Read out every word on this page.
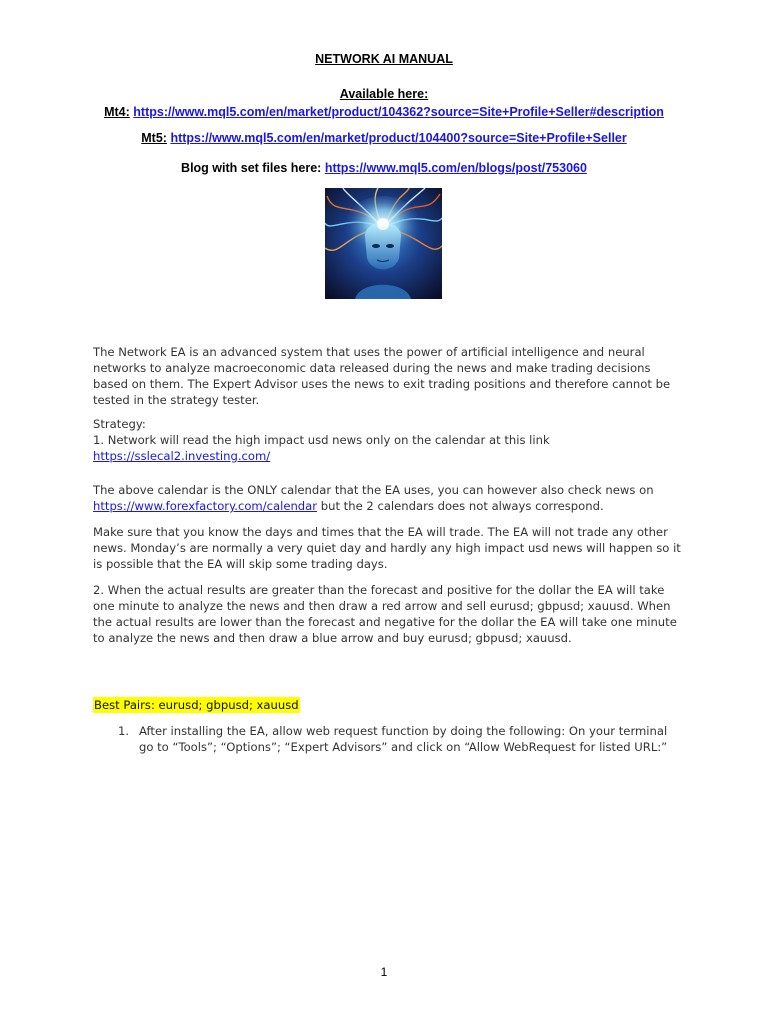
NETWORK AI MANUAL
Available here:
Mt4: https://www.mql5.com/en/market/product/104362?source=Site+Profile+Seller#description
Mt5: https://www.mql5.com/en/market/product/104400?source=Site+Profile+Seller
Blog with set files here: https://www.mql5.com/en/blogs/post/753060

The Network EA is an advanced system that uses the power of artificial intelligence and neural networks to analyze macroeconomic data released during the news and make trading decisions based on them. The Expert Advisor uses the news to exit trading positions and therefore cannot be tested in the strategy tester.

Strategy:

1. Network will read the high impact usd news only on the calendar at this link

https://sslecal2.investing.com/

The above calendar is the ONLY calendar that the EA uses, you can however also check news on https://www.forexfactory.com/calendar but the 2 calendars does not always correspond.

Make sure that you know the days and times that the EA will trade. The EA will not trade any other news. Monday’s are normally a very quiet day and hardly any high impact usd news will happen so it is possible that the EA will skip some trading days.

2. When the actual results are greater than the forecast and positive for the dollar the EA will take one minute to analyze the news and then draw a red arrow and sell eurusd; gbpusd; xauusd. When the actual results are lower than the forecast and negative for the dollar the EA will take one minute to analyze the news and then draw a blue arrow and buy eurusd; gbpusd; xauusd.

Best Pairs: eurusd; gbpusd; xauusd
1. After installing the EA, allow web request function by doing the following: On your terminal go to “Tools”; “Options”; “Expert Advisors” and click on “Allow WebRequest for listed URL:”

1
